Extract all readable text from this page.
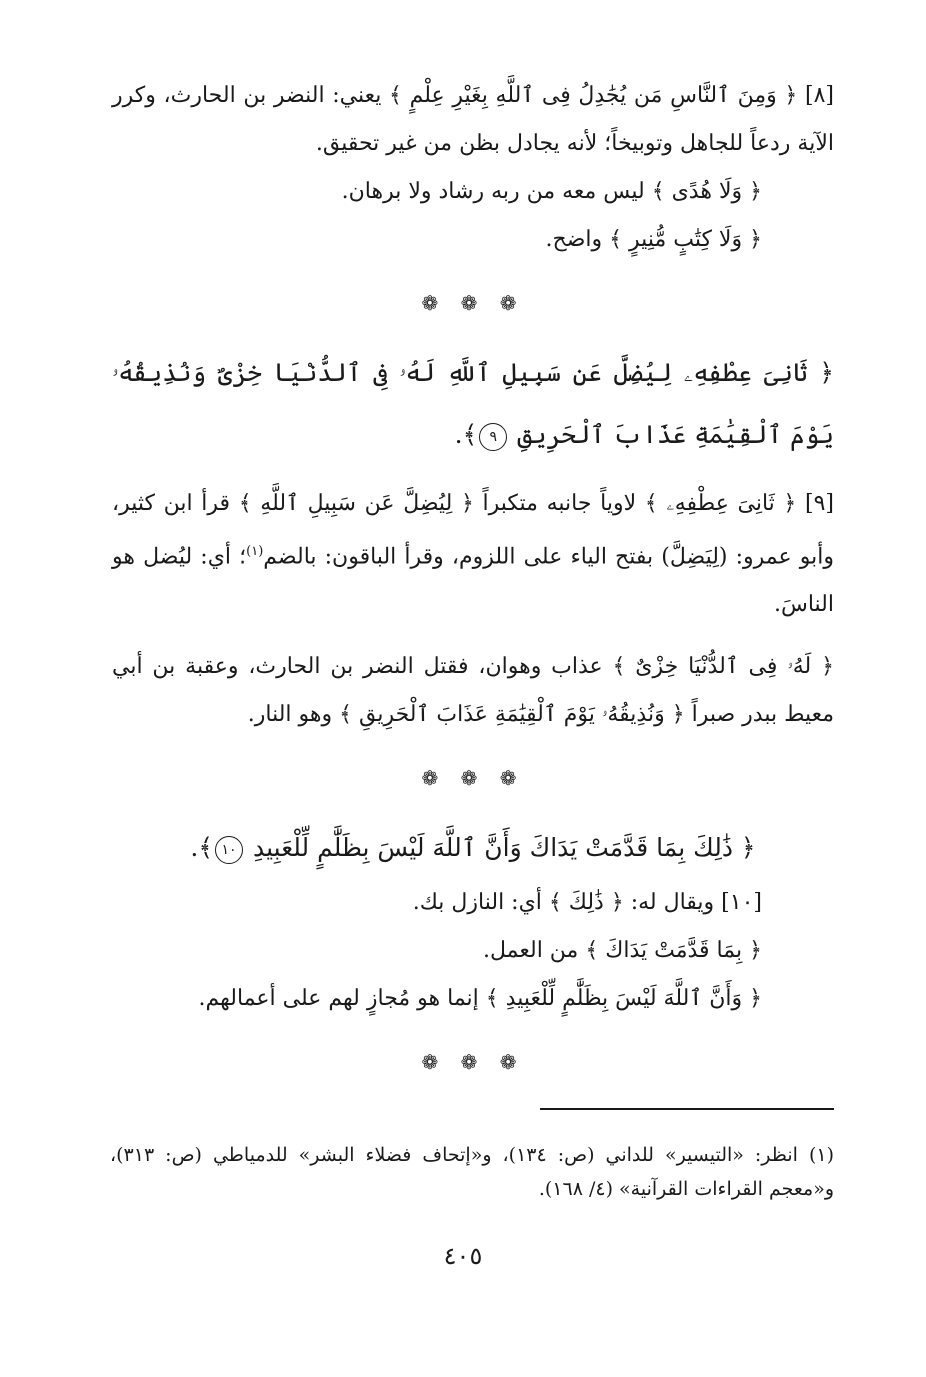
[٨] ﴿ وَمِنَ ٱلنَّاسِ مَن يُجَٰدِلُ فِى ٱللَّهِ بِغَيْرِ عِلْمٍ ﴾ يعني: النضر بن الحارث، وكرر الآية ردعاً للجاهل وتوبيخاً؛ لأنه يجادل بظن من غير تحقيق.

﴿ وَلَا هُدًى ﴾ ليس معه من ربه رشاد ولا برهان.

﴿ وَلَا كِتَٰبٍ مُّنِيرٍ ﴾ واضح.

❁ ❁ ❁

﴿ ثَانِىَ عِطْفِهِۦ لِيُضِلَّ عَن سَبِيلِ ٱللَّهِ لَهُۥ فِى ٱلدُّنْيَا خِزْىٌ وَنُذِيقُهُۥ يَوْمَ ٱلْقِيَٰمَةِ عَذَابَ ٱلْحَرِيقِ ٩﴾.

[٩] ﴿ ثَانِىَ عِطْفِهِۦ ﴾ لاوياً جانبه متكبراً ﴿ لِيُضِلَّ عَن سَبِيلِ ٱللَّهِ ﴾ قرأ ابن كثير، وأبو عمرو: (لِيَضِلَّ) بفتح الياء على اللزوم، وقرأ الباقون: بالضم$^{(١)}$؛ أي: ليُضل هو الناسَ.

﴿ لَهُۥ فِى ٱلدُّنْيَا خِزْىٌ ﴾ عذاب وهوان، فقتل النضر بن الحارث، وعقبة بن أبي معيط ببدر صبراً ﴿ وَنُذِيقُهُۥ يَوْمَ ٱلْقِيَٰمَةِ عَذَابَ ٱلْحَرِيقِ ﴾ وهو النار.

❁ ❁ ❁

﴿ ذَٰلِكَ بِمَا قَدَّمَتْ يَدَاكَ وَأَنَّ ٱللَّهَ لَيْسَ بِظَلَّٰمٍ لِّلْعَبِيدِ ١٠﴾.

[١٠] ويقال له: ﴿ ذَٰلِكَ ﴾ أي: النازل بك.

﴿ بِمَا قَدَّمَتْ يَدَاكَ ﴾ من العمل.

﴿ وَأَنَّ ٱللَّهَ لَيْسَ بِظَلَّٰمٍ لِّلْعَبِيدِ ﴾ إنما هو مُجازٍ لهم على أعمالهم.

❁ ❁ ❁

(١) انظر: «التيسير» للداني (ص: ١٣٤)، و«إتحاف فضلاء البشر» للدمياطي (ص: ٣١٣)، و«معجم القراءات القرآنية» (٤/ ١٦٨).

٤٠٥
